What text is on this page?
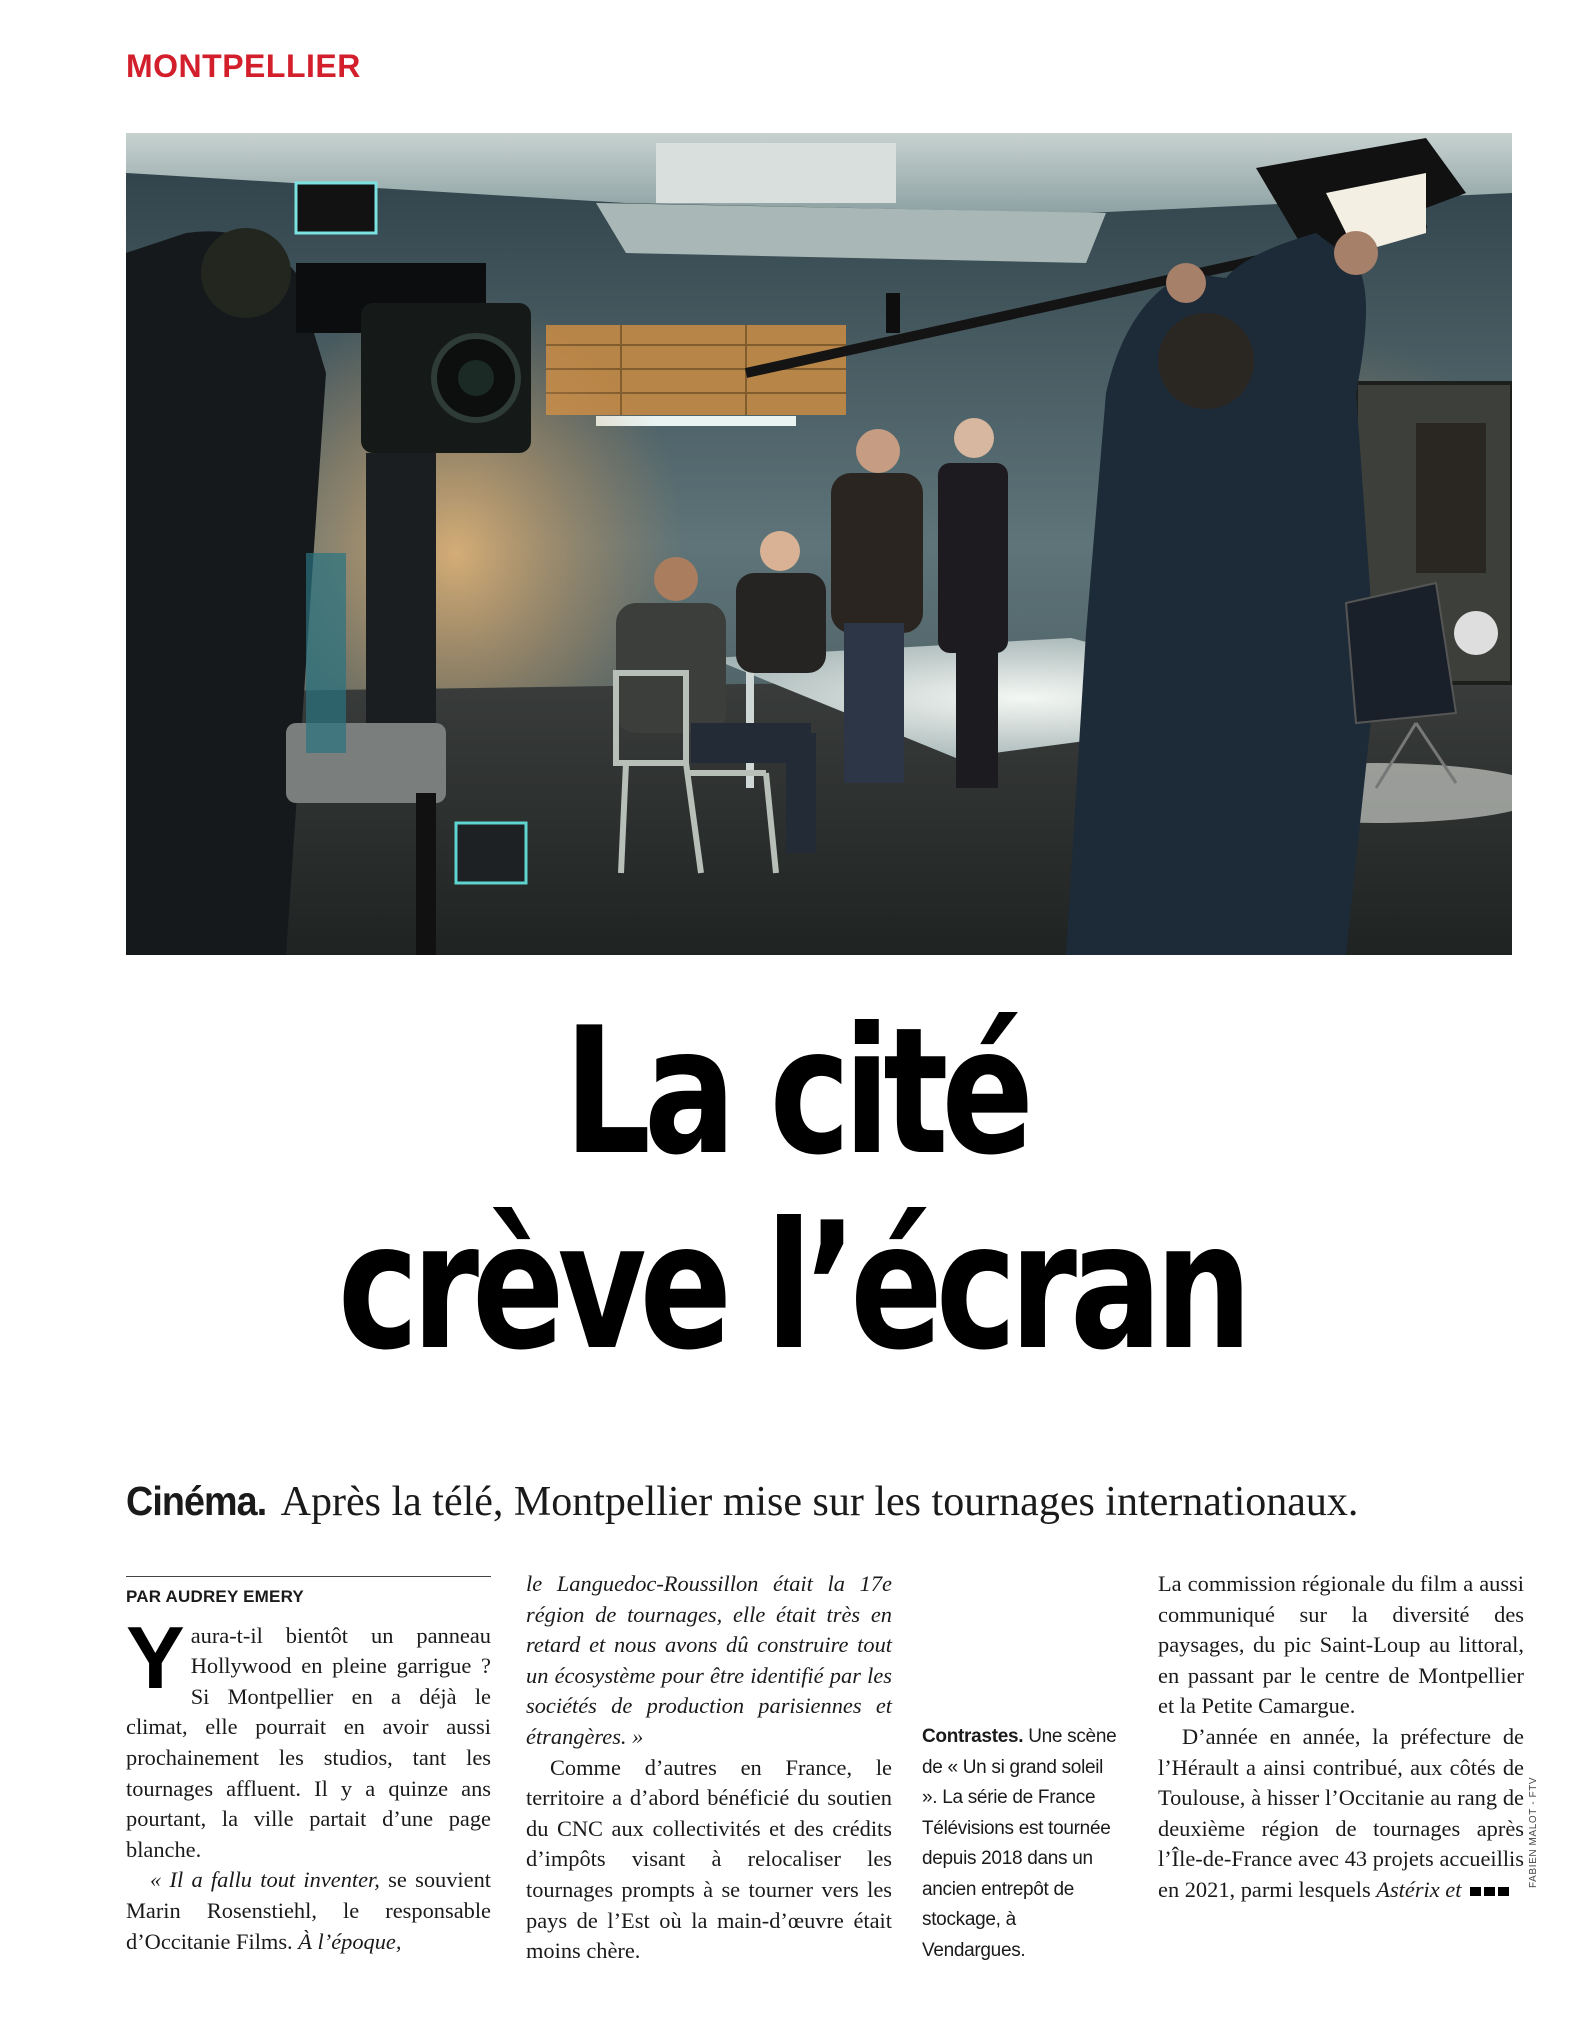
MONTPELLIER
La cité
crève l’écran
Cinéma. Après la télé, Montpellier mise sur les tournages internationaux.

PAR AUDREY EMERY

Yaura-t-il bientôt un panneau Hollywood en pleine garrigue ? Si Montpellier en a déjà le climat, elle pourrait en avoir aussi prochainement les studios, tant les tournages affluent. Il y a quinze ans pourtant, la ville partait d’une page blanche.

« Il a fallu tout inventer, se souvient Marin Rosenstiehl, le responsable d’Occitanie Films. À l’époque,

le Languedoc-Roussillon était la 17e région de tournages, elle était très en retard et nous avons dû construire tout un écosystème pour être identifié par les sociétés de production parisiennes et étrangères. »

Comme d’autres en France, le territoire a d’abord bénéficié du soutien du CNC aux collectivités et des crédits d’impôts visant à relocaliser les tournages prompts à se tourner vers les pays de l’Est où la main-d’œuvre était moins chère.

Contrastes. Une scène de « Un si grand soleil ». La série de France Télévisions est tournée depuis 2018 dans un ancien entrepôt de stockage, à Vendargues.

La commission régionale du film a aussi communiqué sur la diversité des paysages, du pic Saint-Loup au littoral, en passant par le centre de Montpellier et la Petite Camargue.

D’année en année, la préfecture de l’Hérault a ainsi contribué, aux côtés de Toulouse, à hisser l’Occitanie au rang de deuxième région de tournages après l’Île-de-France avec 43 projets accueillis en 2021, parmi lesquels Astérix et

FABIEN MALOT - FTV
